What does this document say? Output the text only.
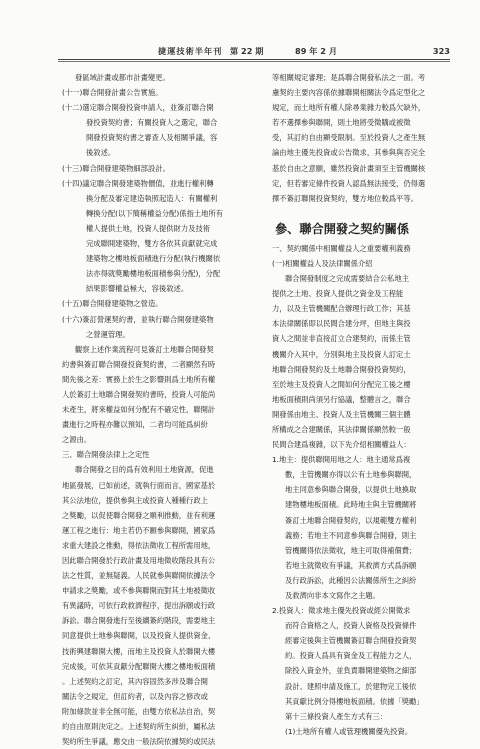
捷運技術半年刊 第 22 期	89 年 2 月	323
發區域計畫或都市計畫變更。
(十一)聯合開發計畫公告實施。
(十二)選定聯合開發投資申請人，並簽訂聯合開
發投資契約書；有關投資人之選定，聯合
開發投資契約書之審查人及相關爭議，容
後敘述。
(十三)聯合開發建築物細部設計。
(十四)議定聯合開發建築物價值，並進行權利轉
換分配及審定建造執照起造人：有關權利
轉換分配(以下簡稱權益分配)係指土地所有
權人提供土地，投資人提供財力及技術
完成聯開建築物，雙方各依其貢獻就完成
建築物之樓地板面積進行分配(執行機關依
法亦得就獎勵樓地板面積參與分配)，分配
結果影響權益極大，容後敘述。
(十五)聯合開發建築物之營造。
(十六)簽訂營運契約書，並執行聯合開發建築物
之營運管理。
觀察上述作業流程可見簽訂土地聯合開發契
約書與簽訂聯合開發投資契約書，二者顯然有時
間先後之差：實務上於生之影響則爲土地所有權
人於簽訂土地聯合開發契約書時，投資人可能尚
未產生，將來權益如何分配有不確定性，聯開計
畫進行之時程亦難以預知，二者均可能爲糾紛
之源由。
三、聯合開發法律上之定性
聯合開發之目的爲有效利用土地資源，促進
地區發展，已如前述，就執行面而言，國家基於
其公法地位，提供參與主或投資人種種行政上
之獎勵，以促使聯合開發之順利推動，並有利運
運工程之進行：地主若仍不願參與聯開，國家爲
求重大建設之推動，得依法徵收工程所需用地，
因此聯合開發於行政計畫及用地徵收階段具有公
法之性質，並無疑義。人民就參與聯開依據法令
申請求之獎勵，或不參與聯開而對其土地被徵收
有異議時，可依行政救濟程序，提出訴願或行政
訴訟。聯合開發進行至後續簽約階段，需要地主
同意提供土地參與聯開，以及投資人提供資金、
技術興建聯開大樓，而地主及投資人於聯開大樓
完成後，可依其貢獻分配聯開大樓之樓地板面積
。上述契約之訂定，其內容固然多涉及聯合開
關法令之規定，但訂約者，以及內容之修改或
附加條款並非全無可能，由雙方依私法自治，契
約自由原則決定之。上述契約所生糾紛，屬私法
契約所生爭議，應交由一般法院依據契約或民法
等相關規定審理；是爲聯合開發私法之一面。考
慮契約主要內容係依據聯開相關法令爲定型化之
規定，而土地所有權人除尋業雜力較爲欠缺外，
若不選擇參與聯開，則土地將受徵購或被徵
受，其訂約自由顯受限制。至於投資人之產生無
論由地主優先投資或公告徵求，其參與與否完全
基於自由之意願，雖然投資計畫須至主管機關核
定，但若審定條件投資人認爲無法接受，仍得選
擇不簽訂聯開投資契約，雙方地位較爲平等。
參、聯合開發之契約關係
一、契約關係中相關權益人之重要權利義務
(一)相關權益人及法律關係介紹
聯合開發制度之完成需要結合公私地主
提供之土地、投資人提供之資金及工程能
力，以及主管機關配合辦理行政工作；其基
本法律關係即以民間合建分坪，但地主與投
資人之間並非直接訂立合建契約，而係主管
機關介入其中，分別與地主及投資人訂定土
地聯合開發契約及土地聯合開發投資契約，
至於地主及投資人之間如何分配完工後之樓
地板面積則尚須另行協議，整體言之，聯合
開發係由地主、投資人及主管機關三個主體
所構成之合建關係，其法律關係顯然較一般
民間合建爲複雜，以下先介紹相關權益人：
1.地主：提供聯開用地之人：地主通常爲複
數，主管機關亦得以公有土地參與聯開，
地主同意參與聯合開發，以提供土地換取
建物樓地板面積。此時地主與主管機關將
簽訂土地聯合開發契約，以規範雙方權利
義務；若地主不同意參與聯合開發，則主
管機關得依法徵收，地主可取得補償費；
若地主就徵收有爭議，其救濟方式爲訴願
及行政訴訟，此種因公法關係所生之糾紛
及救濟向非本文寫作之主題。
2.投資人：徵求地主優先投資或經公開徵求
而符合資格之人，投資人資格及投資條件
經審定後與主管機關簽訂聯合開發投資契
約。投資人爲具有資金及工程能力之人，
除投入資金外，並負責聯開建築物之細部
設計、建照申請及施工，於建物完工後依
其貢獻比例分得樓地板面積。依據「獎勵」
第十三條投資人產生方式有三：
(1)土地所有權人或管理機關優先投資。
